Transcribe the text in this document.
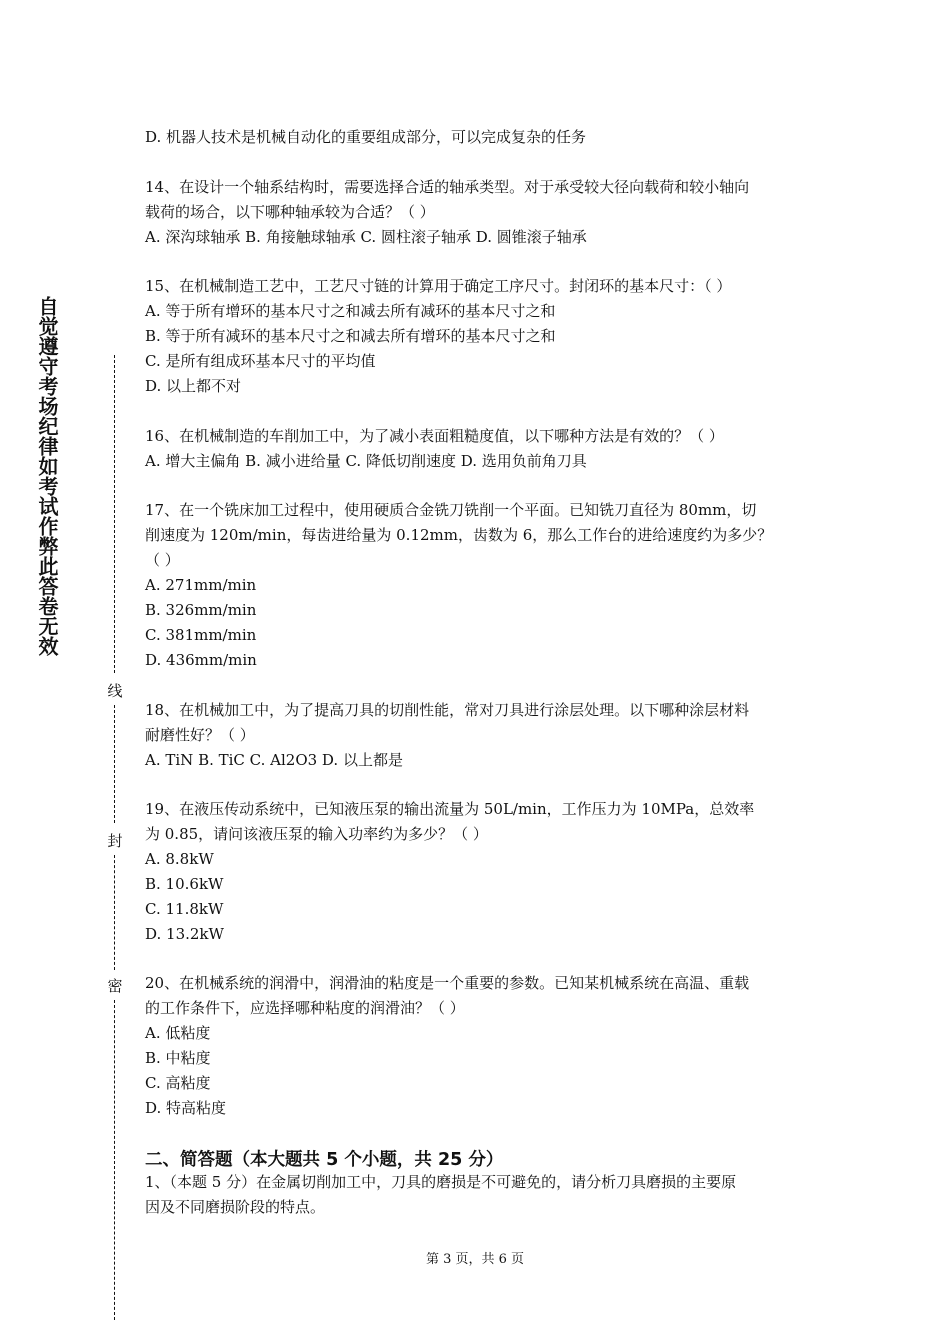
自觉遵守考场纪律如考试作弊此答卷无效
线
封
密
D. 机器人技术是机械自动化的重要组成部分，可以完成复杂的任务
14、在设计一个轴系结构时，需要选择合适的轴承类型。对于承受较大径向载荷和较小轴向
载荷的场合，以下哪种轴承较为合适？（ ）
A. 深沟球轴承 B. 角接触球轴承 C. 圆柱滚子轴承 D. 圆锥滚子轴承
15、在机械制造工艺中，工艺尺寸链的计算用于确定工序尺寸。封闭环的基本尺寸：（ ）
A. 等于所有增环的基本尺寸之和减去所有减环的基本尺寸之和
B. 等于所有减环的基本尺寸之和减去所有增环的基本尺寸之和
C. 是所有组成环基本尺寸的平均值
D. 以上都不对
16、在机械制造的车削加工中，为了减小表面粗糙度值，以下哪种方法是有效的？（ ）
A. 增大主偏角 B. 减小进给量 C. 降低切削速度 D. 选用负前角刀具
17、在一个铣床加工过程中，使用硬质合金铣刀铣削一个平面。已知铣刀直径为 80mm，切
削速度为 120m/min，每齿进给量为 0.12mm，齿数为 6，那么工作台的进给速度约为多少？
（ ）
A. 271mm/min
B. 326mm/min
C. 381mm/min
D. 436mm/min
18、在机械加工中，为了提高刀具的切削性能，常对刀具进行涂层处理。以下哪种涂层材料
耐磨性好？（ ）
A. TiN B. TiC C. Al2O3 D. 以上都是
19、在液压传动系统中，已知液压泵的输出流量为 50L/min，工作压力为 10MPa，总效率
为 0.85，请问该液压泵的输入功率约为多少？（ ）
A. 8.8kW
B. 10.6kW
C. 11.8kW
D. 13.2kW
20、在机械系统的润滑中，润滑油的粘度是一个重要的参数。已知某机械系统在高温、重载
的工作条件下，应选择哪种粘度的润滑油？（ ）
A. 低粘度
B. 中粘度
C. 高粘度
D. 特高粘度
二、简答题（本大题共 5 个小题，共 25 分）
1、（本题 5 分）在金属切削加工中，刀具的磨损是不可避免的，请分析刀具磨损的主要原
因及不同磨损阶段的特点。
第 3 页，共 6 页
